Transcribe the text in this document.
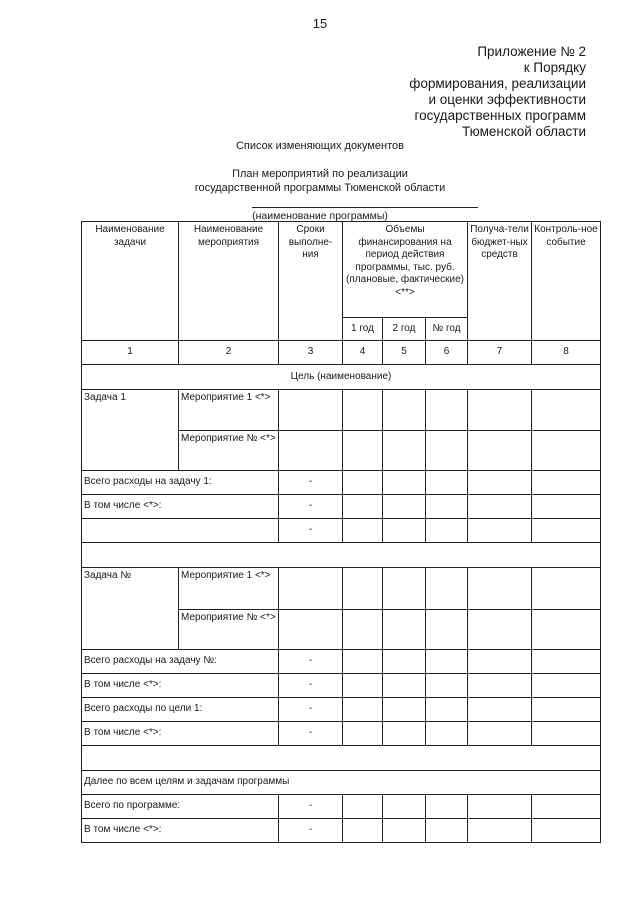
15
Приложение № 2
к Порядку
формирования, реализации
и оценки эффективности
государственных программ
Тюменской области
Список изменяющих документов
План мероприятий по реализации
государственной программы Тюменской области
(наименование программы)
Наименование задачи	Наименование мероприятия	Сроки выполне-ния	Объемы финансирования на период действия программы, тыс. руб. (плановые, фактические) <**>			Получа-тели бюджет-ных средств	Контроль-ное событие
			1 год	2 год	№ год		
1	2	3	4	5	6	7	8
Цель (наименование)							
Задача 1	Мероприятие 1 <*>						
	Мероприятие № <*>						
Всего расходы на задачу 1:		-					
В том числе <*>:		-					
		-					

Задача №	Мероприятие 1 <*>						
	Мероприятие № <*>						
Всего расходы на задачу №:		-					
В том числе <*>:		-					
Всего расходы по цели 1:		-					
В том числе <*>:		-					

Далее по всем целям и задачам программы							
Всего по программе:		-					
В том числе <*>:		-					
